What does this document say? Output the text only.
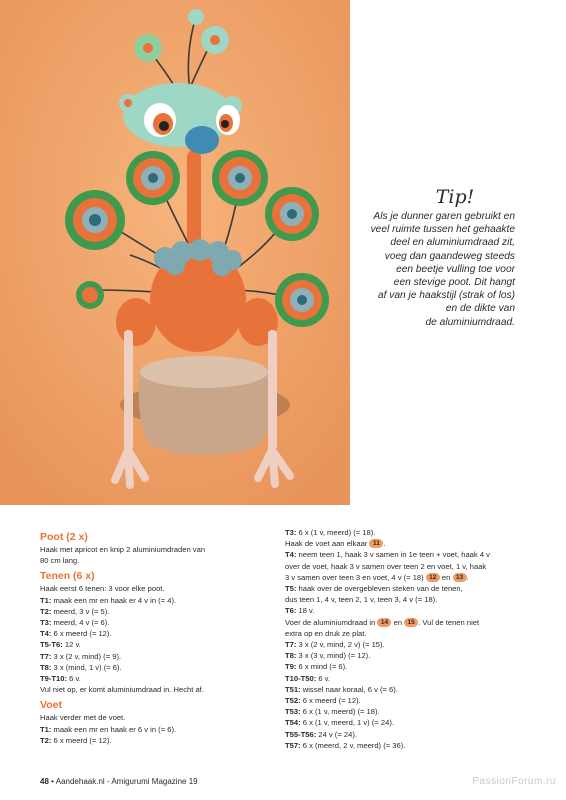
Tip!
Als je dunner garen gebruikt en
veel ruimte tussen het gehaakte
deel en aluminiumdraad zit,
voeg dan gaandeweg steeds
een beetje vulling toe voor
een stevige poot. Dit hangt
af van je haakstijl (strak of los)
en de dikte van
de aluminiumdraad.
Poot (2 x)
Haak met apricot en knip 2 aluminiumdraden van
80 cm lang.
Tenen (6 x)
Haak eerst 6 tenen: 3 voor elke poot.
T1: maak een mr en haak er 4 v in (= 4).
T2: meerd, 3 v (= 5).
T3: meerd, 4 v (= 6).
T4: 6 x meerd (= 12).
T5-T6: 12 v.
T7: 3 x (2 v, mind) (= 9).
T8: 3 x (mind, 1 v) (= 6).
T9-T10: 6 v.
Vul niet op, er komt aluminiumdraad in. Hecht af.
Voet
Haak verder met de voet.
T1: maak een mr en haak er 6 v in (= 6).
T2: 6 x meerd (= 12).
T3: 6 x (1 v, meerd) (= 18).
Haak de voet aan elkaar 11 .
T4: neem teen 1, haak 3 v samen in 1e teen + voet, haak 4 v
over de voet, haak 3 v samen over teen 2 en voet, 1 v, haak
3 v samen over teen 3 en voet, 4 v (= 18) 12 en 13 .
T5: haak over de overgebleven steken van de tenen,
dus teen 1, 4 v, teen 2, 1 v, teen 3, 4 v (= 18).
T6: 18 v.
Voer de aluminiumdraad in 14 en 15 . Vul de tenen niet
extra op en druk ze plat.
T7: 3 x (2 v, mind, 2 v) (= 15).
T8: 3 x (3 v, mind) (= 12).
T9: 6 x mind (= 6).
T10-T50: 6 v.
T51: wissel naar koraal, 6 v (= 6).
T52: 6 x meerd (= 12).
T53: 6 x (1 v, meerd) (= 18).
T54: 6 x (1 v, meerd, 1 v) (= 24).
T55-T56: 24 v (= 24).
T57: 6 x (meerd, 2 v, meerd) (= 36).
48 • Aandehaak.nl - Amigurumi Magazine 19	PassionForum.ru
